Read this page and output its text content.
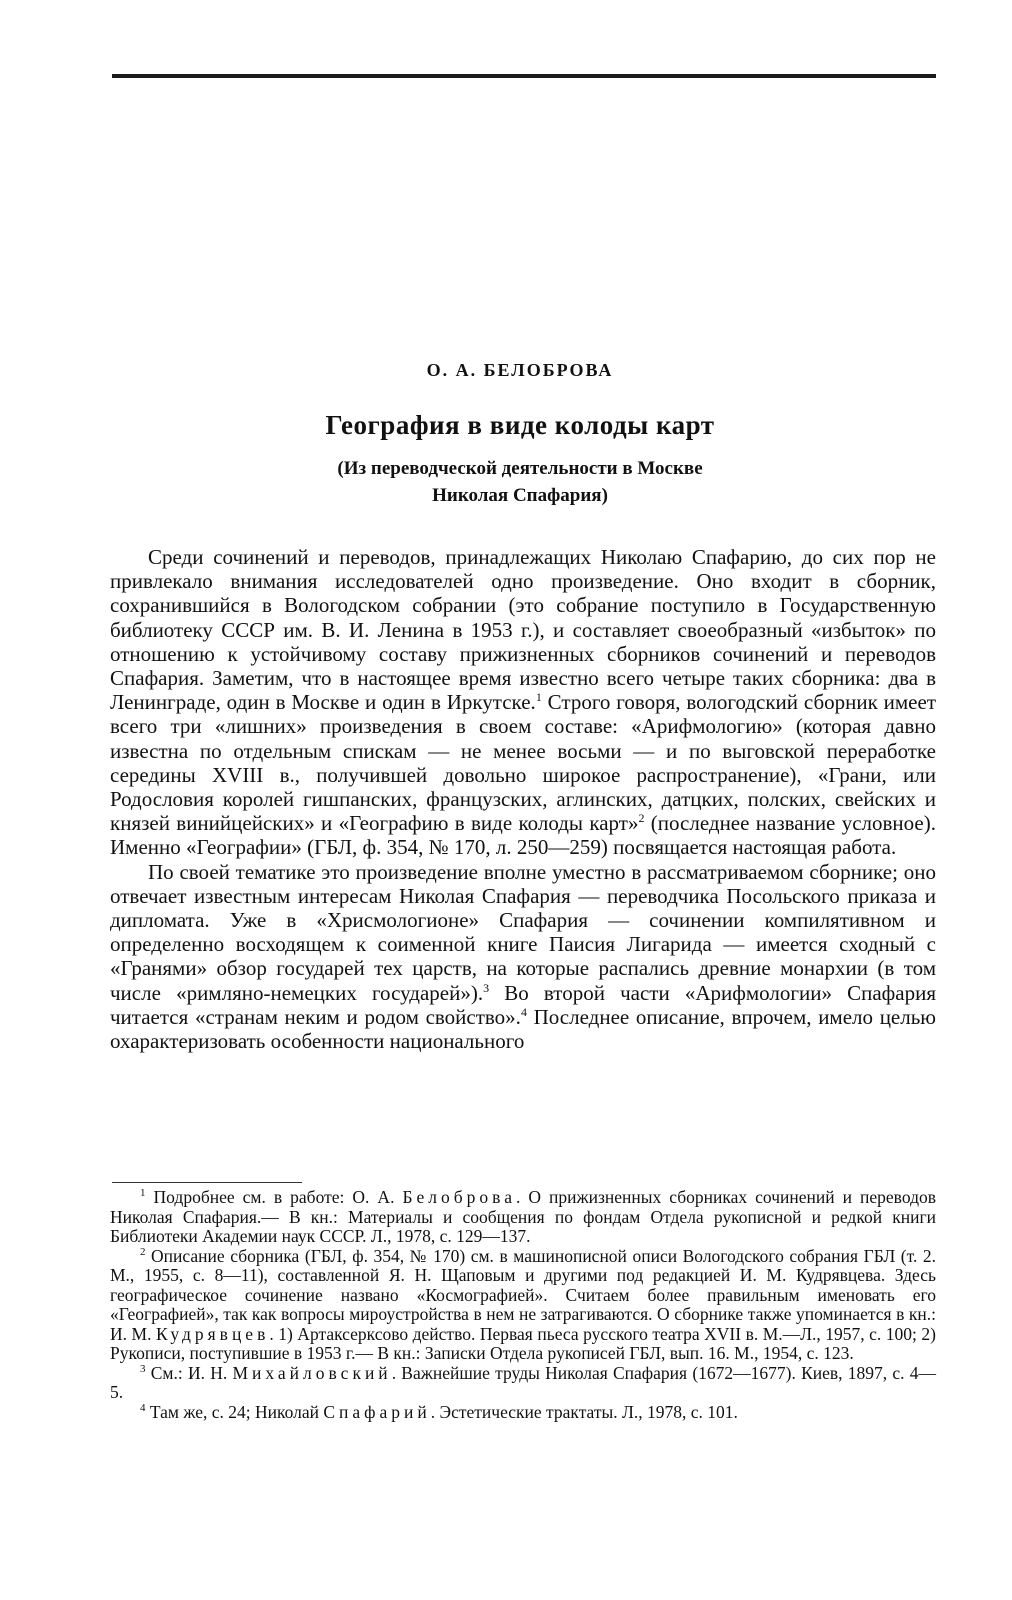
О. А. БЕЛОБРОВА
География в виде колоды карт
(Из переводческой деятельности в Москве
Николая Спафария)

Среди сочинений и переводов, принадлежащих Николаю Спафарию, до сих пор не привлекало внимания исследователей одно произведение. Оно входит в сборник, сохранившийся в Вологодском собрании (это собрание поступило в Государственную библиотеку СССР им. В. И. Ленина в 1953 г.), и составляет своеобразный «избыток» по отношению к устойчивому составу прижизненных сборников сочинений и переводов Спафария. Заметим, что в настоящее время известно всего четыре таких сборника: два в Ленинграде, один в Москве и один в Иркутске.$^1$ Строго говоря, вологодский сборник имеет всего три «лишних» произведения в своем составе: «Арифмологию» (которая давно известна по отдельным спискам — не менее восьми — и по выговской переработке середины XVIII в., получившей довольно широкое распространение), «Грани, или Родословия королей гишпанских, французских, аглинских, датцких, полских, свейских и князей винийцейских» и «Географию в виде колоды карт»$^2$ (последнее название условное). Именно «Географии» (ГБЛ, ф. 354, № 170, л. 250—259) посвящается настоящая работа.

По своей тематике это произведение вполне уместно в рассматриваемом сборнике; оно отвечает известным интересам Николая Спафария — переводчика Посольского приказа и дипломата. Уже в «Хрисмологионе» Спафария — сочинении компилятивном и определенно восходящем к соименной книге Паисия Лигарида — имеется сходный с «Гранями» обзор государей тех царств, на которые распались древние монархии (в том числе «римляно-немецких государей»).$^3$ Во второй части «Арифмологии» Спафария читается «странам неким и родом свойство».$^4$ Последнее описание, впрочем, имело целью охарактеризовать особенности национального

$^1$ Подробнее см. в работе: О. А. Белоброва. О прижизненных сборниках сочинений и переводов Николая Спафария.— В кн.: Материалы и сообщения по фондам Отдела рукописной и редкой книги Библиотеки Академии наук СССР. Л., 1978, с. 129—137.

$^2$ Описание сборника (ГБЛ, ф. 354, № 170) см. в машинописной описи Вологодского собрания ГБЛ (т. 2. М., 1955, с. 8—11), составленной Я. Н. Щаповым и другими под редакцией И. М. Кудрявцева. Здесь географическое сочинение названо «Космографией». Считаем более правильным именовать его «Географией», так как вопросы мироустройства в нем не затрагиваются. О сборнике также упоминается в кн.: И. М. Кудрявцев. 1) Артаксерксово действо. Первая пьеса русского театра XVII в. М.—Л., 1957, с. 100; 2) Рукописи, поступившие в 1953 г.— В кн.: Записки Отдела рукописей ГБЛ, вып. 16. М., 1954, с. 123.

$^3$ См.: И. Н. Михайловский. Важнейшие труды Николая Спафария (1672—1677). Киев, 1897, с. 4—5.

$^4$ Там же, с. 24; Николай Спафарий. Эстетические трактаты. Л., 1978, с. 101.
